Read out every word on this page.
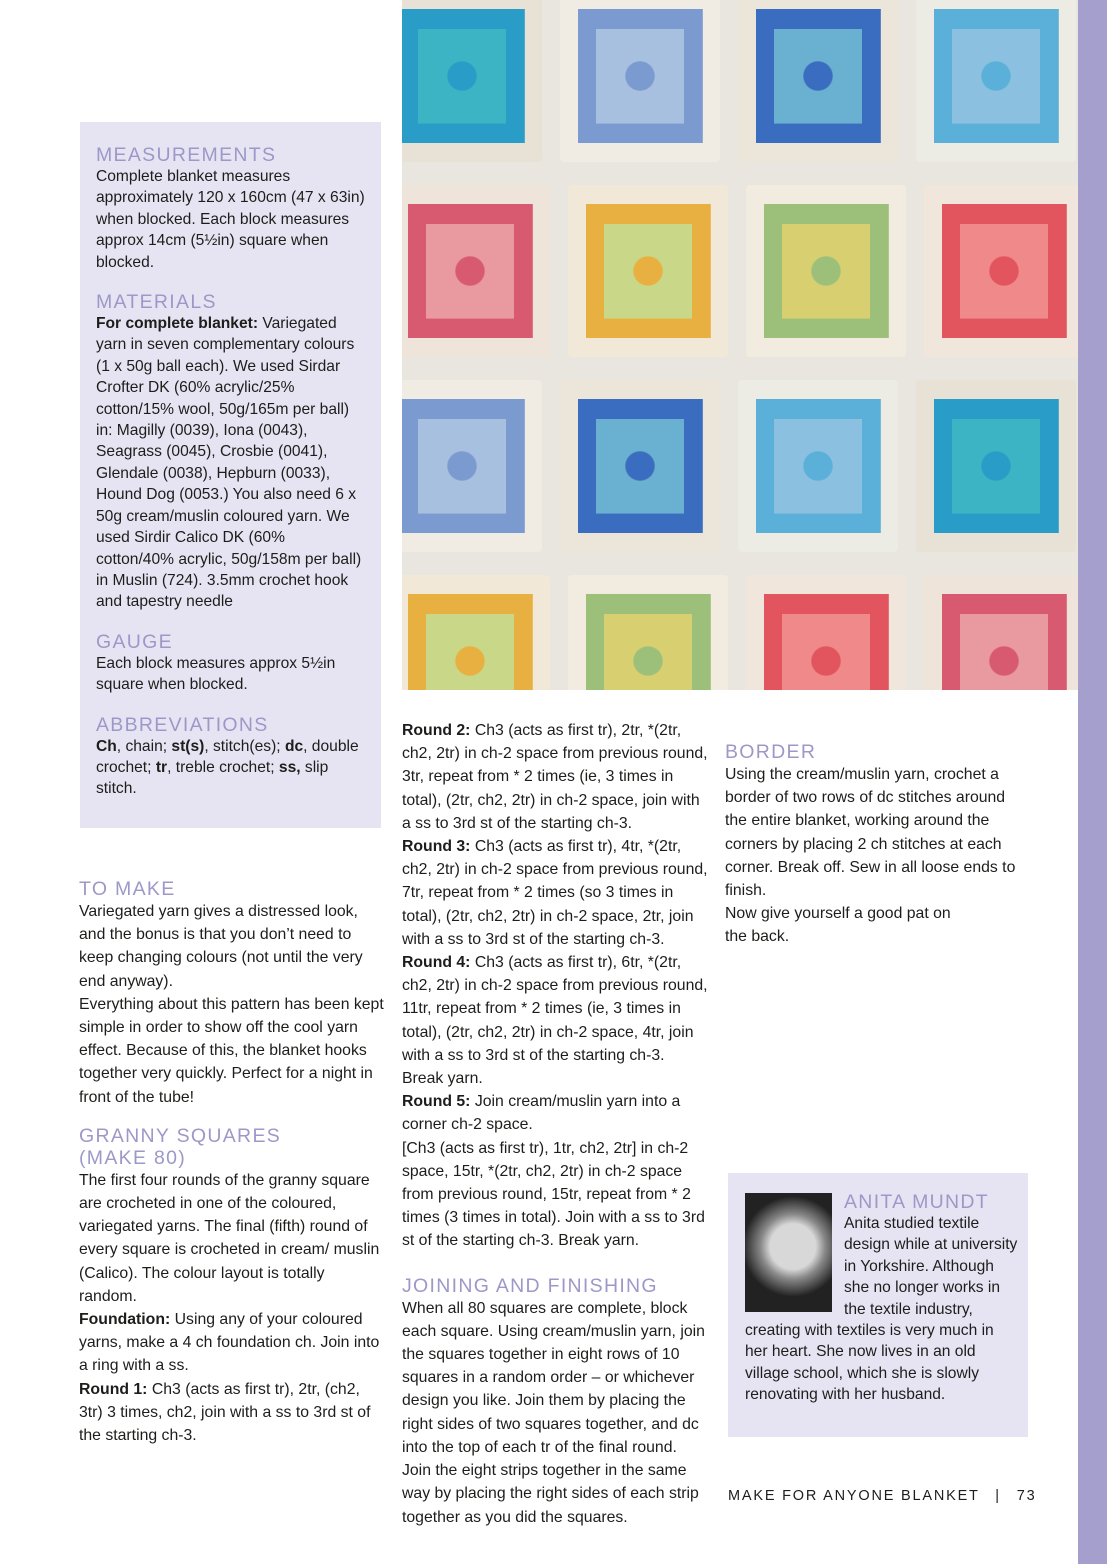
MEASUREMENTS

Complete blanket measures approximately 120 x 160cm (47 x 63in) when blocked. Each block measures approx 14cm (5½in) square when blocked.

MATERIALS

For complete blanket: Variegated yarn in seven complementary colours (1 x 50g ball each). We used Sirdar Crofter DK (60% acrylic/25% cotton/15% wool, 50g/165m per ball) in: Magilly (0039), Iona (0043), Seagrass (0045), Crosbie (0041), Glendale (0038), Hepburn (0033), Hound Dog (0053.) You also need 6 x 50g cream/muslin coloured yarn. We used Sirdir Calico DK (60% cotton/40% acrylic, 50g/158m per ball) in Muslin (724). 3.5mm crochet hook and tapestry needle

GAUGE

Each block measures approx 5½in square when blocked.

ABBREVIATIONS

Ch, chain; st(s), stitch(es); dc, double crochet; tr, treble crochet; ss, slip stitch.

TO MAKE

Variegated yarn gives a distressed look, and the bonus is that you don’t need to keep changing colours (not until the very end anyway).

Everything about this pattern has been kept simple in order to show off the cool yarn effect. Because of this, the blanket hooks together very quickly. Perfect for a night in front of the tube!

GRANNY SQUARES (MAKE 80)

The first four rounds of the granny square are crocheted in one of the coloured, variegated yarns. The final (fifth) round of every square is crocheted in cream/ muslin (Calico). The colour layout is totally random.

Foundation: Using any of your coloured yarns, make a 4 ch foundation ch. Join into a ring with a ss.

Round 1: Ch3 (acts as first tr), 2tr, (ch2, 3tr) 3 times, ch2, join with a ss to 3rd st of the starting ch-3.

Round 2: Ch3 (acts as first tr), 2tr, *(2tr, ch2, 2tr) in ch-2 space from previous round, 3tr, repeat from * 2 times (ie, 3 times in total), (2tr, ch2, 2tr) in ch-2 space, join with a ss to 3rd st of the starting ch-3.

Round 3: Ch3 (acts as first tr), 4tr, *(2tr, ch2, 2tr) in ch-2 space from previous round, 7tr, repeat from * 2 times (so 3 times in total), (2tr, ch2, 2tr) in ch-2 space, 2tr, join with a ss to 3rd st of the starting ch-3.

Round 4: Ch3 (acts as first tr), 6tr, *(2tr, ch2, 2tr) in ch-2 space from previous round, 11tr, repeat from * 2 times (ie, 3 times in total), (2tr, ch2, 2tr) in ch-2 space, 4tr, join with a ss to 3rd st of the starting ch-3. Break yarn.

Round 5: Join cream/muslin yarn into a corner ch-2 space.

[Ch3 (acts as first tr), 1tr, ch2, 2tr] in ch-2 space, 15tr, *(2tr, ch2, 2tr) in ch-2 space from previous round, 15tr, repeat from * 2 times (3 times in total). Join with a ss to 3rd st of the starting ch-3. Break yarn.

JOINING AND FINISHING

When all 80 squares are complete, block each square. Using cream/muslin yarn, join the squares together in eight rows of 10 squares in a random order – or whichever design you like. Join them by placing the right sides of two squares together, and dc into the top of each tr of the final round. Join the eight strips together in the same way by placing the right sides of each strip together as you did the squares.

BORDER

Using the cream/muslin yarn, crochet a border of two rows of dc stitches around the entire blanket, working around the corners by placing 2 ch stitches at each corner. Break off. Sew in all loose ends to finish.

Now give yourself a good pat on the back.

ANITA MUNDT

Anita studied textile design while at university in Yorkshire. Although she no longer works in the textile industry, creating with textiles is very much in her heart. She now lives in an old village school, which she is slowly renovating with her husband.

MAKE FOR ANYONE BLANKET | 73
